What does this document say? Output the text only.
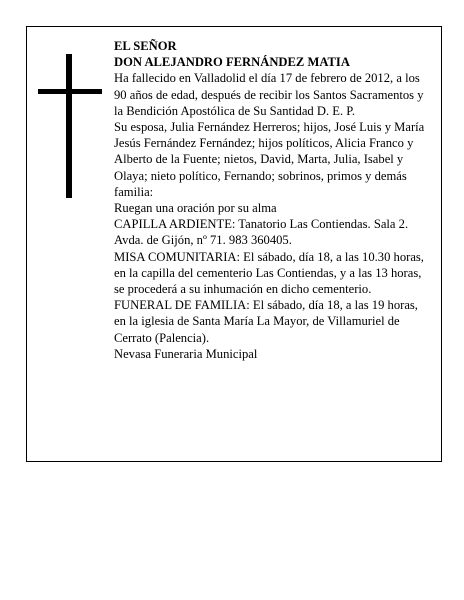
EL SEÑOR

DON ALEJANDRO FERNÁNDEZ MATIA

Ha fallecido en Valladolid el día 17 de febrero de 2012, a los 90 años de edad, después de recibir los Santos Sacramentos y la Bendición Apostólica de Su Santidad D. E. P.

Su esposa, Julia Fernández Herreros; hijos, José Luis y María Jesús Fernández Fernández; hijos políticos, Alicia Franco y Alberto de la Fuente; nietos, David, Marta, Julia, Isabel y Olaya; nieto político, Fernando; sobrinos, primos y demás familia:

Ruegan una oración por su alma

CAPILLA ARDIENTE: Tanatorio Las Contiendas. Sala 2. Avda. de Gijón, nº 71. 983 360405.

MISA COMUNITARIA: El sábado, día 18, a las 10.30 horas, en la capilla del cementerio Las Contiendas, y a las 13 horas, se procederá a su inhumación en dicho cementerio.

FUNERAL DE FAMILIA: El sábado, día 18, a las 19 horas, en la iglesia de Santa María La Mayor, de Villamuriel de Cerrato (Palencia).

Nevasa Funeraria Municipal
